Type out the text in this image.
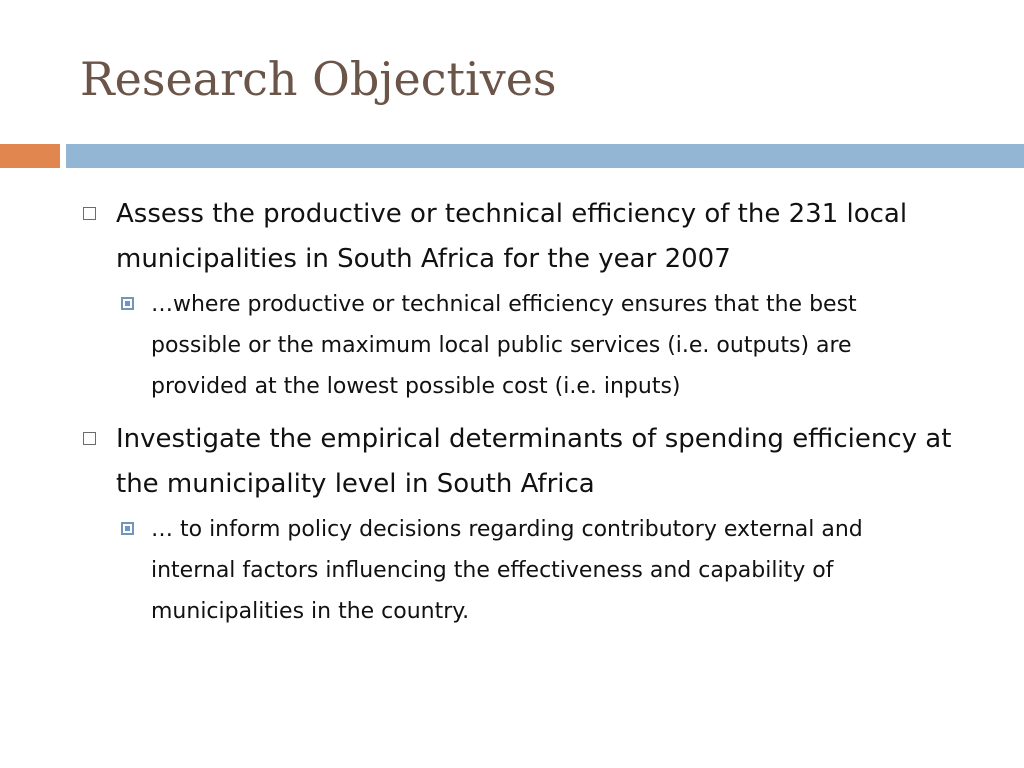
Research Objectives
Assess the productive or technical efficiency of the 231 local municipalities in South Africa for the year 2007
…where productive or technical efficiency ensures that the best possible or the maximum local public services (i.e. outputs) are provided at the lowest possible cost (i.e. inputs)
Investigate the empirical determinants of spending efficiency at the municipality level in South Africa
… to inform policy decisions regarding contributory external and internal factors influencing the effectiveness and capability of municipalities in the country.
